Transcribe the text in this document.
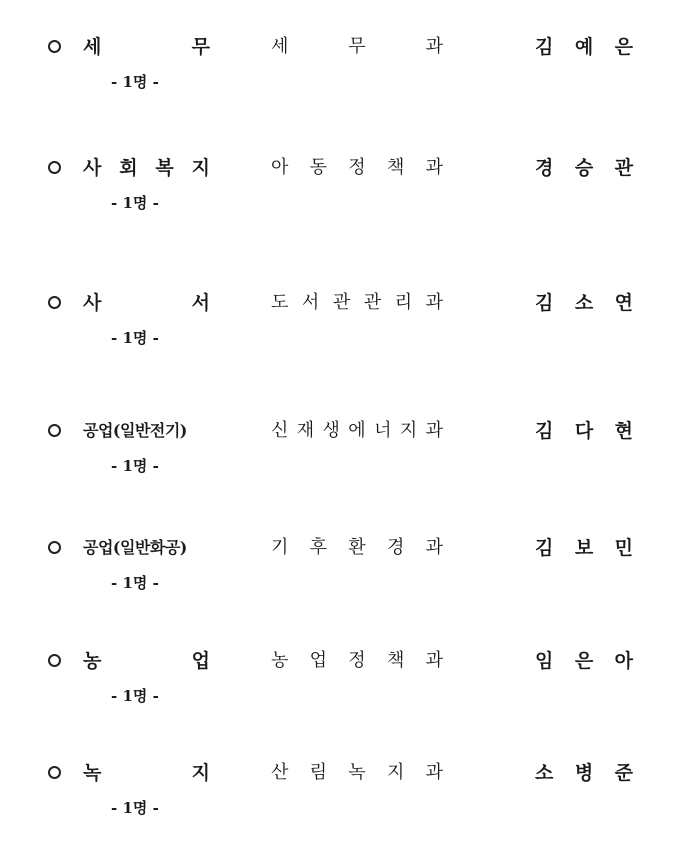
세 무	세 무 과	김 예 은
- 1명 -
사 회 복 지	아 동 정 책 과	경 승 관
- 1명 -
사 서	도 서 관 관 리 과	김 소 연
- 1명 -
공업(일반전기)	신 재 생 에 너 지 과	김 다 현
- 1명 -
공업(일반화공)	기 후 환 경 과	김 보 민
- 1명 -
농 업	농 업 정 책 과	임 은 아
- 1명 -
녹 지	산 림 녹 지 과	소 병 준
- 1명 -
